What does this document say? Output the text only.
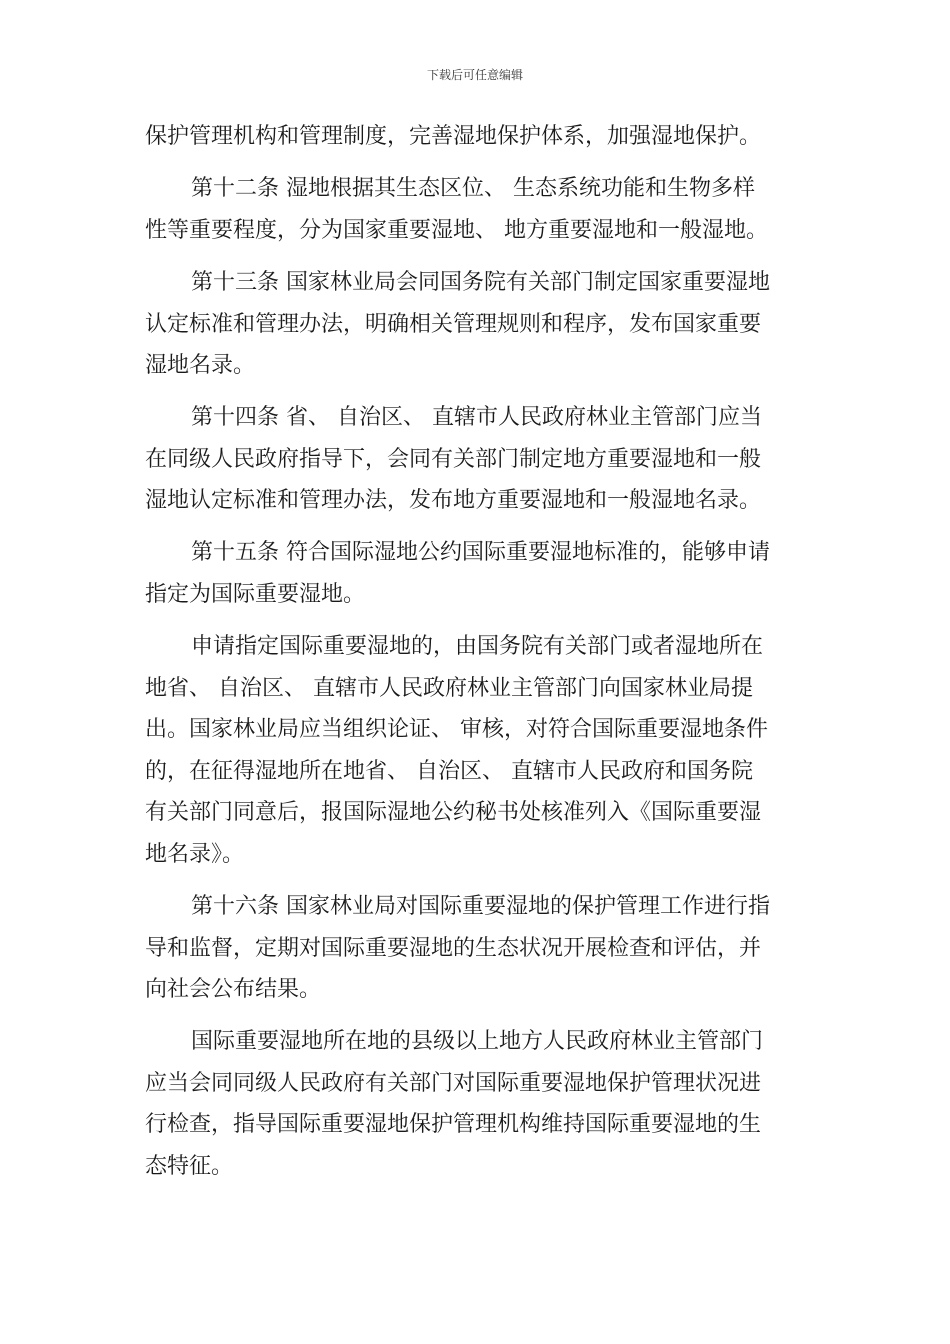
下载后可任意编辑
保护管理机构和管理制度，完善湿地保护体系，加强湿地保护。
第十二条 湿地根据其生态区位、 生态系统功能和生物多样
性等重要程度，分为国家重要湿地、 地方重要湿地和一般湿地。
第十三条 国家林业局会同国务院有关部门制定国家重要湿地
认定标准和管理办法，明确相关管理规则和程序，发布国家重要
湿地名录。
第十四条 省、 自治区、 直辖市人民政府林业主管部门应当
在同级人民政府指导下，会同有关部门制定地方重要湿地和一般
湿地认定标准和管理办法，发布地方重要湿地和一般湿地名录。
第十五条 符合国际湿地公约国际重要湿地标准的，能够申请
指定为国际重要湿地。
申请指定国际重要湿地的，由国务院有关部门或者湿地所在
地省、 自治区、 直辖市人民政府林业主管部门向国家林业局提
出。国家林业局应当组织论证、 审核，对符合国际重要湿地条件
的，在征得湿地所在地省、 自治区、 直辖市人民政府和国务院
有关部门同意后，报国际湿地公约秘书处核准列入《国际重要湿
地名录》。
第十六条 国家林业局对国际重要湿地的保护管理工作进行指
导和监督，定期对国际重要湿地的生态状况开展检查和评估，并
向社会公布结果。
国际重要湿地所在地的县级以上地方人民政府林业主管部门
应当会同同级人民政府有关部门对国际重要湿地保护管理状况进
行检查，指导国际重要湿地保护管理机构维持国际重要湿地的生
态特征。
